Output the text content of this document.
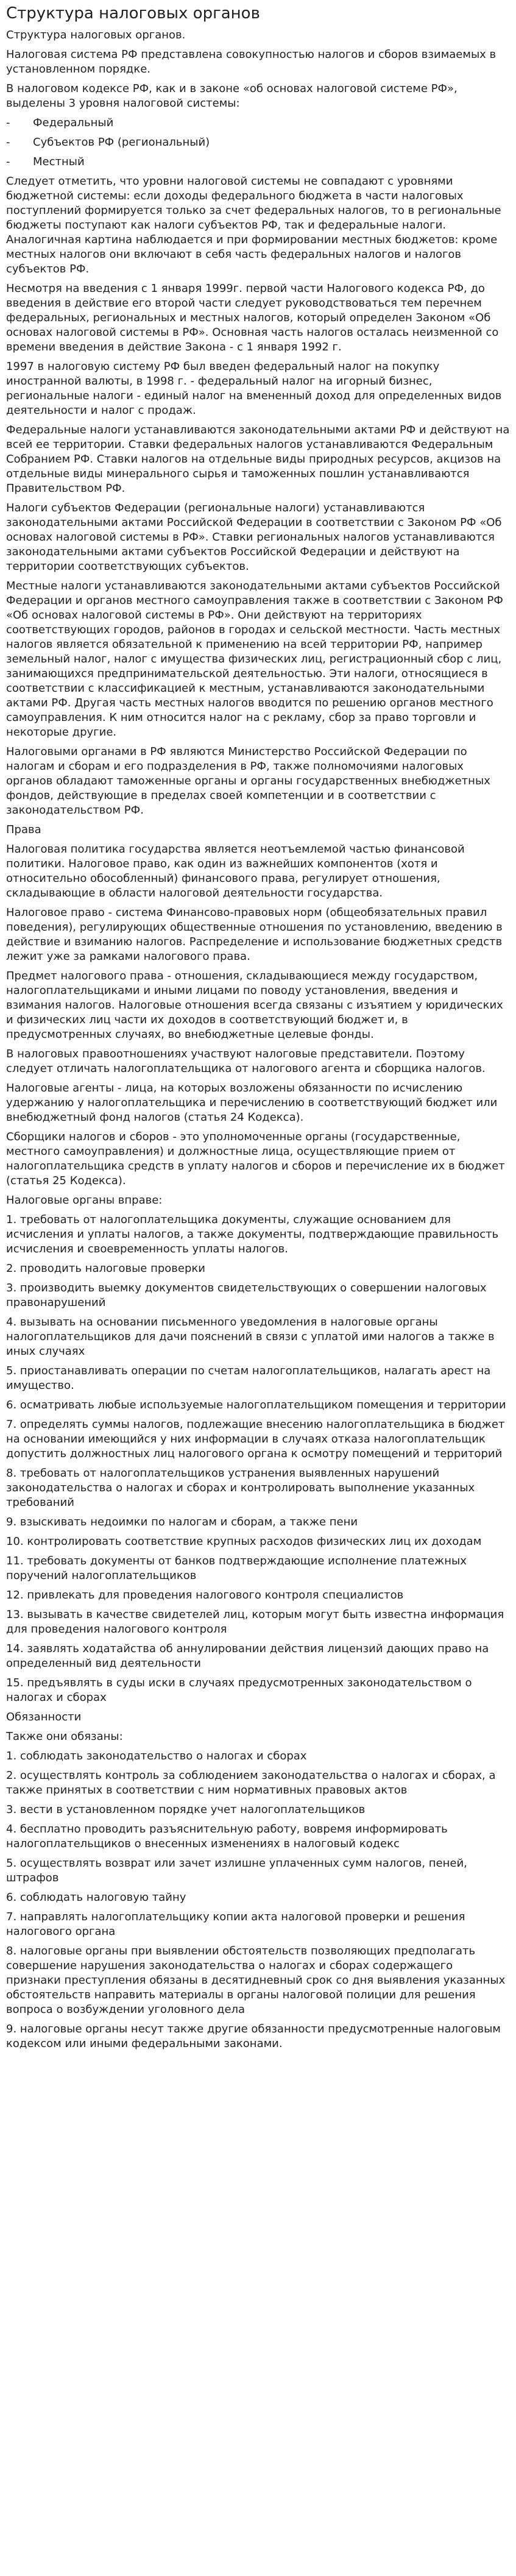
Структура налоговых органов

Структура налоговых органов.

Налоговая система РФ представлена совокупностью налогов и сборов взимаемых в установленном порядке.

В налоговом кодексе РФ, как и в законе «об основах налоговой системе РФ», выделены 3 уровня налоговой системы:

-	Федеральный
-	Субъектов РФ (региональный)
-	Местный

Следует отметить, что уровни налоговой системы не совпадают с уровнями бюджетной системы: если доходы федерального бюджета в части налоговых поступлений формируется только за счет федеральных налогов, то в региональные бюджеты поступают как налоги субъектов РФ, так и федеральные налоги. Аналогичная картина наблюдается и при формировании местных бюджетов: кроме местных налогов они включают в себя часть федеральных налогов и налогов субъектов РФ.

Несмотря на введения с 1 января 1999г. первой части Налогового кодекса РФ, до введения в действие его второй части следует руководствоваться тем перечнем федеральных, региональных и местных налогов, который определен Законом «Об основах налоговой системы в РФ». Основная часть налогов осталась неизменной со времени введения в действие Закона - с 1 января 1992 г.

1997 в налоговую систему РФ был введен федеральный налог на покупку иностранной валюты, в 1998 г. - федеральный налог на игорный бизнес, региональные налоги - единый налог на вмененный доход для определенных видов деятельности и налог с продаж.

Федеральные налоги устанавливаются законодательными актами РФ и действуют на всей ее территории. Ставки федеральных налогов устанавливаются Федеральным Собранием РФ. Ставки налогов на отдельные виды природных ресурсов, акцизов на отдельные виды минерального сырья и таможенных пошлин устанавливаются Правительством РФ.

Налоги субъектов Федерации (региональные налоги) устанавливаются законодательными актами Российской Федерации в соответствии с Законом РФ «Об основах налоговой системы в РФ». Ставки региональных налогов устанавливаются законодательными актами субъектов Российской Федерации и действуют на территории соответствующих субъектов.

Местные налоги устанавливаются законодательными актами субъектов Российской Федерации и органов местного самоуправления также в соответствии с Законом РФ «Об основах налоговой системы в РФ». Они действуют на территориях соответствующих городов, районов в городах и сельской местности. Часть местных налогов является обязательной к применению на всей территории РФ, например земельный налог, налог с имущества физических лиц, регистрационный сбор с лиц, занимающихся предпринимательской деятельностью. Эти налоги, относящиеся в соответствии с классификацией к местным, устанавливаются законодательными актами РФ. Другая часть местных налогов вводится по решению органов местного самоуправления. К ним относится налог на с рекламу, сбор за право торговли и некоторые другие.

Налоговыми органами в РФ являются Министерство Российской Федерации по налогам и сборам и его подразделения в РФ, также полномочиями налоговых органов обладают таможенные органы и органы государственных внебюджетных фондов, действующие в пределах своей компетенции и в соответствии с законодательством РФ.

Права

Налоговая политика государства является неотъемлемой частью финансовой политики. Налоговое право, как один из важнейших компонентов (хотя и относительно обособленный) финансового права, регулирует отношения, складывающие в области налоговой деятельности государства.

Налоговое право - система Финансово-правовых норм (общеобязательных правил поведения), регулирующих общественные отношения по установлению, введению в действие и взиманию налогов. Распределение и использование бюджетных средств лежит уже за рамками налогового права.

Предмет налогового права - отношения, складывающиеся между государством, налогоплательщиками и иными лицами по поводу установления, введения и взимания налогов. Налоговые отношения всегда связаны с изъятием у юридических и физических лиц части их доходов в соответствующий бюджет и, в предусмотренных случаях, во внебюджетные целевые фонды.

В налоговых правоотношениях участвуют налоговые представители. Поэтому следует отличать налогоплательщика от налогового агента и сборщика налогов.

Налоговые агенты - лица, на которых возложены обязанности по исчислению удержанию у налогоплательщика и перечислению в соответствующий бюджет или внебюджетный фонд налогов (статья 24 Кодекса).

Сборщики налогов и сборов - это уполномоченные органы (государственные, местного самоуправления) и должностные лица, осуществляющие прием от налогоплательщика средств в уплату налогов и сборов и перечисление их в бюджет (статья 25 Кодекса).

Налоговые органы вправе:

1. требовать от налогоплательщика документы, служащие основанием для исчисления и уплаты налогов, а также документы, подтверждающие правильность исчисления и своевременность уплаты налогов.
2. проводить налоговые проверки
3. производить выемку документов свидетельствующих о совершении налоговых правонарушений
4. вызывать на основании письменного уведомления в налоговые органы налогоплательщиков для дачи пояснений в связи с уплатой ими налогов а также в иных случаях
5. приостанавливать операции по счетам налогоплательщиков, налагать арест на имущество.
6. осматривать любые используемые налогоплательщиком помещения и территории
7. определять суммы налогов, подлежащие внесению налогоплательщика в бюджет на основании имеющийся у них информации в случаях отказа налогоплательщик допустить должностных лиц налогового органа к осмотру помещений и территорий
8. требовать от налогоплательщиков устранения выявленных нарушений законодательства о налогах и сборах и контролировать выполнение указанных требований
9. взыскивать недоимки по налогам и сборам, а также пени
10. контролировать соответствие крупных расходов физических лиц их доходам
11. требовать документы от банков подтверждающие исполнение платежных поручений налогоплательщиков
12. привлекать для проведения налогового контроля специалистов
13. вызывать в качестве свидетелей лиц, которым могут быть известна информация для проведения налогового контроля
14. заявлять ходатайства об аннулировании действия лицензий дающих право на определенный вид деятельности
15. предъявлять в суды иски в случаях предусмотренных законодательством о налогах и сборах
Обязанности
Также они обязаны:
1. соблюдать законодательство о налогах и сборах
2. осуществлять контроль за соблюдением законодательства о налогах и сборах, а также принятых в соответствии с ним нормативных правовых актов
3. вести в установленном порядке учет налогоплательщиков
4. бесплатно проводить разъяснительную работу, вовремя информировать налогоплательщиков о внесенных изменениях в налоговый кодекс
5. осуществлять возврат или зачет излишне уплаченных сумм налогов, пеней, штрафов
6. соблюдать налоговую тайну
7. направлять налогоплательщику копии акта налоговой проверки и решения налогового органа
8. налоговые органы при выявлении обстоятельств позволяющих предполагать совершение нарушения законодательства о налогах и сборах содержащего признаки преступления обязаны в десятидневный срок со дня выявления указанных обстоятельств направить материалы в органы налоговой полиции для решения вопроса о возбуждении уголовного дела
9. налоговые органы несут также другие обязанности предусмотренные налоговым кодексом или иными федеральными законами.
